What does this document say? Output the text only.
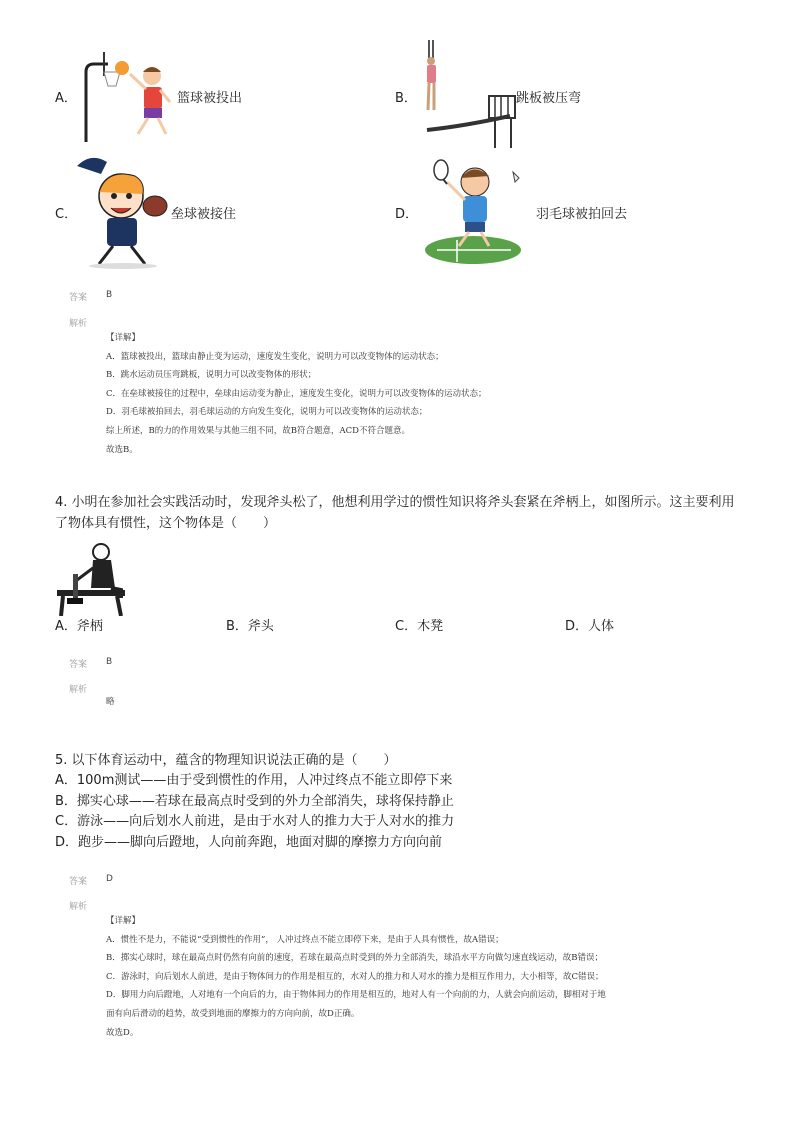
A．	篮球被投出	B．	跳板被压弯
C．	垒球被接住	D．	羽毛球被拍回去
答案 B
解析
【详解】
A．篮球被投出，篮球由静止变为运动，速度发生变化，说明力可以改变物体的运动状态；
B．跳水运动员压弯跳板，说明力可以改变物体的形状；
C．在垒球被接住的过程中，垒球由运动变为静止，速度发生变化，说明力可以改变物体的运动状态；
D．羽毛球被拍回去，羽毛球运动的方向发生变化，说明力可以改变物体的运动状态；
综上所述，B的力的作用效果与其他三组不同，故B符合题意，ACD不符合题意。
故选B。
4. 小明在参加社会实践活动时，发现斧头松了，他想利用学过的惯性知识将斧头套紧在斧柄上，如图所示。这主要利用
了物体具有惯性，这个物体是（　　）
A．斧柄	B．斧头	C．木凳	D．人体
答案 B
解析
略
5. 以下体育运动中，蕴含的物理知识说法正确的是（　　）
A．100m测试——由于受到惯性的作用，人冲过终点不能立即停下来
B．掷实心球——若球在最高点时受到的外力全部消失，球将保持静止
C．游泳——向后划水人前进，是由于水对人的推力大于人对水的推力
D．跑步——脚向后蹬地，人向前奔跑，地面对脚的摩擦力方向向前
答案 D
解析
【详解】
A．惯性不是力，不能说“受到惯性的作用”， 人冲过终点不能立即停下来，是由于人具有惯性，故A错误；
B．掷实心球时，球在最高点时仍然有向前的速度，若球在最高点时受到的外力全部消失，球沿水平方向做匀速直线运动，故B错误；
C．游泳时，向后划水人前进，是由于物体间力的作用是相互的，水对人的推力和人对水的推力是相互作用力，大小相等，故C错误；
D．脚用力向后蹬地，人对地有一个向后的力，由于物体间力的作用是相互的，地对人有一个向前的力，人就会向前运动，脚相对于地
面有向后滑动的趋势，故受到地面的摩擦力的方向向前，故D正确。
故选D。
